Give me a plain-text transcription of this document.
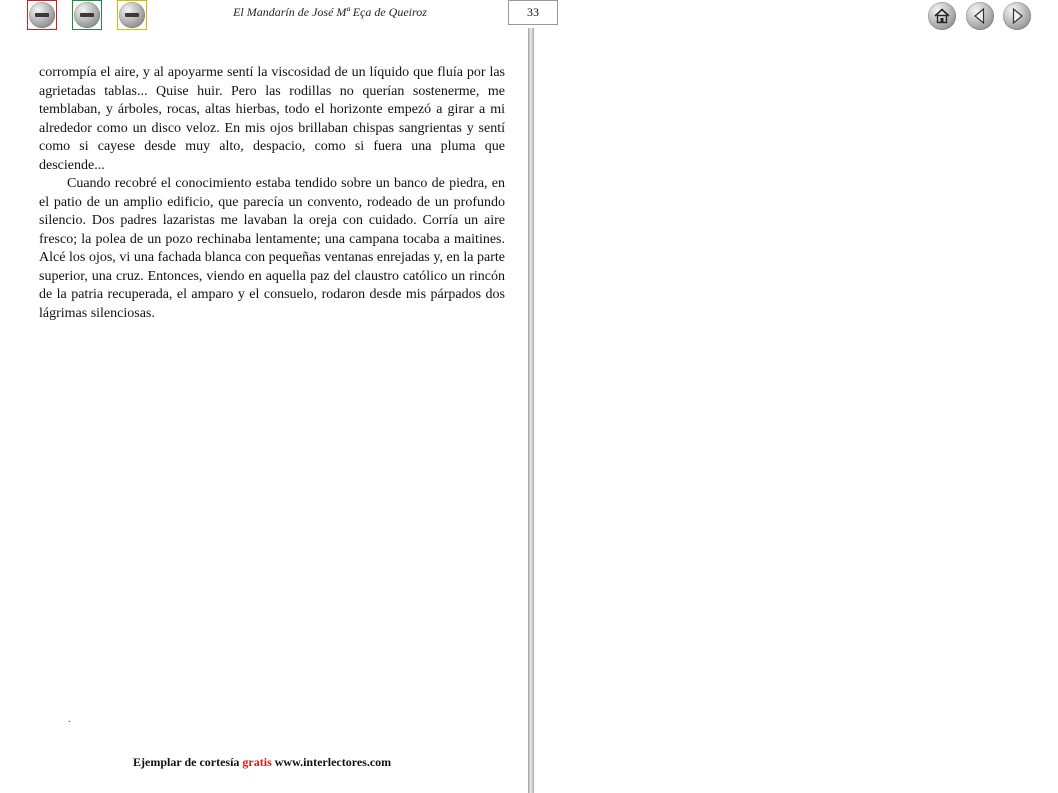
El Mandarín de José Mª Eça de Queiroz	33

corrompía el aire, y al apoyarme sentí la viscosidad de un líquido que fluía por las agrietadas tablas... Quise huir. Pero las rodillas no querían sostenerme, me temblaban, y árboles, rocas, altas hierbas, todo el horizonte empezó a girar a mi alrededor como un disco veloz. En mis ojos brillaban chispas sangrientas y sentí como si cayese desde muy alto, despacio, como si fuera una pluma que desciende...

Cuando recobré el conocimiento estaba tendido sobre un banco de piedra, en el patio de un amplio edificio, que parecía un convento, rodeado de un profundo silencio. Dos padres lazaristas me lavaban la oreja con cuidado. Corría un aire fresco; la polea de un pozo rechinaba lentamente; una campana tocaba a maitines. Alcé los ojos, vi una fachada blanca con pequeñas ventanas enrejadas y, en la parte superior, una cruz. Entonces, viendo en aquella paz del claustro católico un rincón de la patria recuperada, el amparo y el consuelo, rodaron desde mis párpados dos lágrimas silenciosas.

.
Ejemplar de cortesía gratis www.interlectores.com
